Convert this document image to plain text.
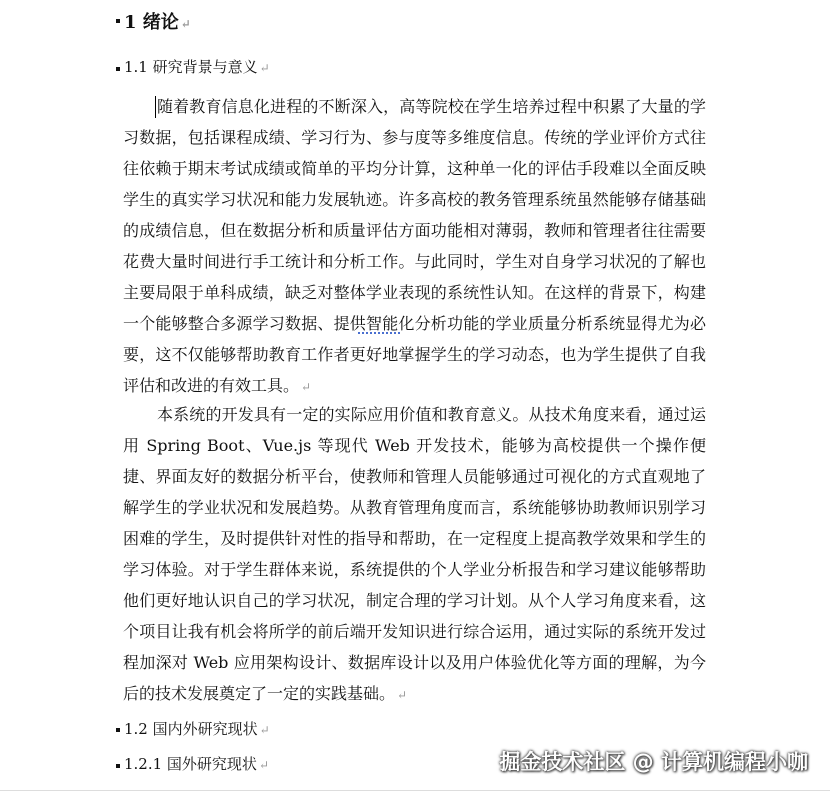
1 绪论 ↵
1.1 研究背景与意义 ↵

随着教育信息化进程的不断深入，高等院校在学生培养过程中积累了大量的学习数据，包括课程成绩、学习行为、参与度等多维度信息。传统的学业评价方式往往依赖于期末考试成绩或简单的平均分计算，这种单一化的评估手段难以全面反映学生的真实学习状况和能力发展轨迹。许多高校的教务管理系统虽然能够存储基础的成绩信息，但在数据分析和质量评估方面功能相对薄弱，教师和管理者往往需要花费大量时间进行手工统计和分析工作。与此同时，学生对自身学习状况的了解也主要局限于单科成绩，缺乏对整体学业表现的系统性认知。在这样的背景下，构建一个能够整合多源学习数据、提供智能化分析功能的学业质量分析系统显得尤为必要，这不仅能够帮助教育工作者更好地掌握学生的学习动态，也为学生提供了自我评估和改进的有效工具。 ↵

本系统的开发具有一定的实际应用价值和教育意义。从技术角度来看，通过运用 Spring Boot、Vue.js 等现代 Web 开发技术，能够为高校提供一个操作便捷、界面友好的数据分析平台，使教师和管理人员能够通过可视化的方式直观地了解学生的学业状况和发展趋势。从教育管理角度而言，系统能够协助教师识别学习困难的学生，及时提供针对性的指导和帮助，在一定程度上提高教学效果和学生的学习体验。对于学生群体来说，系统提供的个人学业分析报告和学习建议能够帮助他们更好地认识自己的学习状况，制定合理的学习计划。从个人学习角度来看，这个项目让我有机会将所学的前后端开发知识进行综合运用，通过实际的系统开发过程加深对 Web 应用架构设计、数据库设计以及用户体验优化等方面的理解，为今后的技术发展奠定了一定的实践基础。 ↵

1.2 国内外研究现状 ↵
1.2.1 国外研究现状 ↵	掘金技术社区 @ 计算机编程小咖
